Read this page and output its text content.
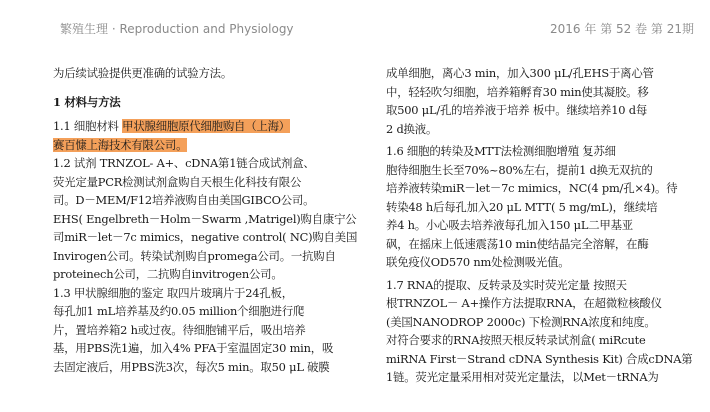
繁殖生理 · Reproduction and Physiology	2016 年 第 52 卷 第 21期

为后续试验提供更准确的试验方法。

1 材料与方法

1.1 细胞材料 甲状腺细胞原代细胞购自（上海）

赛百慷上海技术有限公司。

1.2 试剂 TRNZOL- A+、cDNA第1链合成试剂盒、

荧光定量PCR检测试剂盒购自天根生化科技有限公

司。D－MEM/F12培养液购自由美国GIBCO公司。

EHS( Engelbreth－Holm－Swarm ,Matrigel)购自康宁公

司miR－let－7c mimics，negative control( NC)购自美国

Invirogen公司。转染试剂购自promega公司。一抗购自

proteinech公司，二抗购自invitrogen公司。

1.3 甲状腺细胞的鉴定 取四片玻璃片于24孔板，

每孔加1 mL培养基及约0.05 million个细胞进行爬

片，置培养箱2 h或过夜。待细胞铺平后，吸出培养

基，用PBS洗1遍，加入4% PFA于室温固定30 min，吸

去固定液后，用PBS洗3次，每次5 min。取50 μL 破膜

成单细胞，离心3 min，加入300 μL/孔EHS于离心管

中，轻轻吹匀细胞，培养箱孵育30 min使其凝胶。移

取500 μL/孔的培养液于培养 板中。继续培养10 d每

2 d换液。

1.6 细胞的转染及MTT法检测细胞增殖 复苏细

胞待细胞生长至70%~80%左右，提前1 d换无双抗的

培养液转染miR－let－7c mimics，NC(4 pm/孔×4)。待

转染48 h后每孔加入20 μL MTT( 5 mg/mL)，继续培

养4 h。小心吸去培养液每孔加入150 μL二甲基亚

砜，在摇床上低速震荡10 min使结晶完全溶解，在酶

联免疫仪OD570 nm处检测吸光值。

1.7 RNA的提取、反转录及实时荧光定量 按照天

根TRNZOL－ A+操作方法提取RNA，在超微粒核酸仪

(美国NANODROP 2000c) 下检测RNA浓度和纯度。

对符合要求的RNA按照天根反转录试剂盒( miRcute

miRNA First－Strand cDNA Synthesis Kit) 合成cDNA第

1链。荧光定量采用相对荧光定量法，以Met－tRNA为
